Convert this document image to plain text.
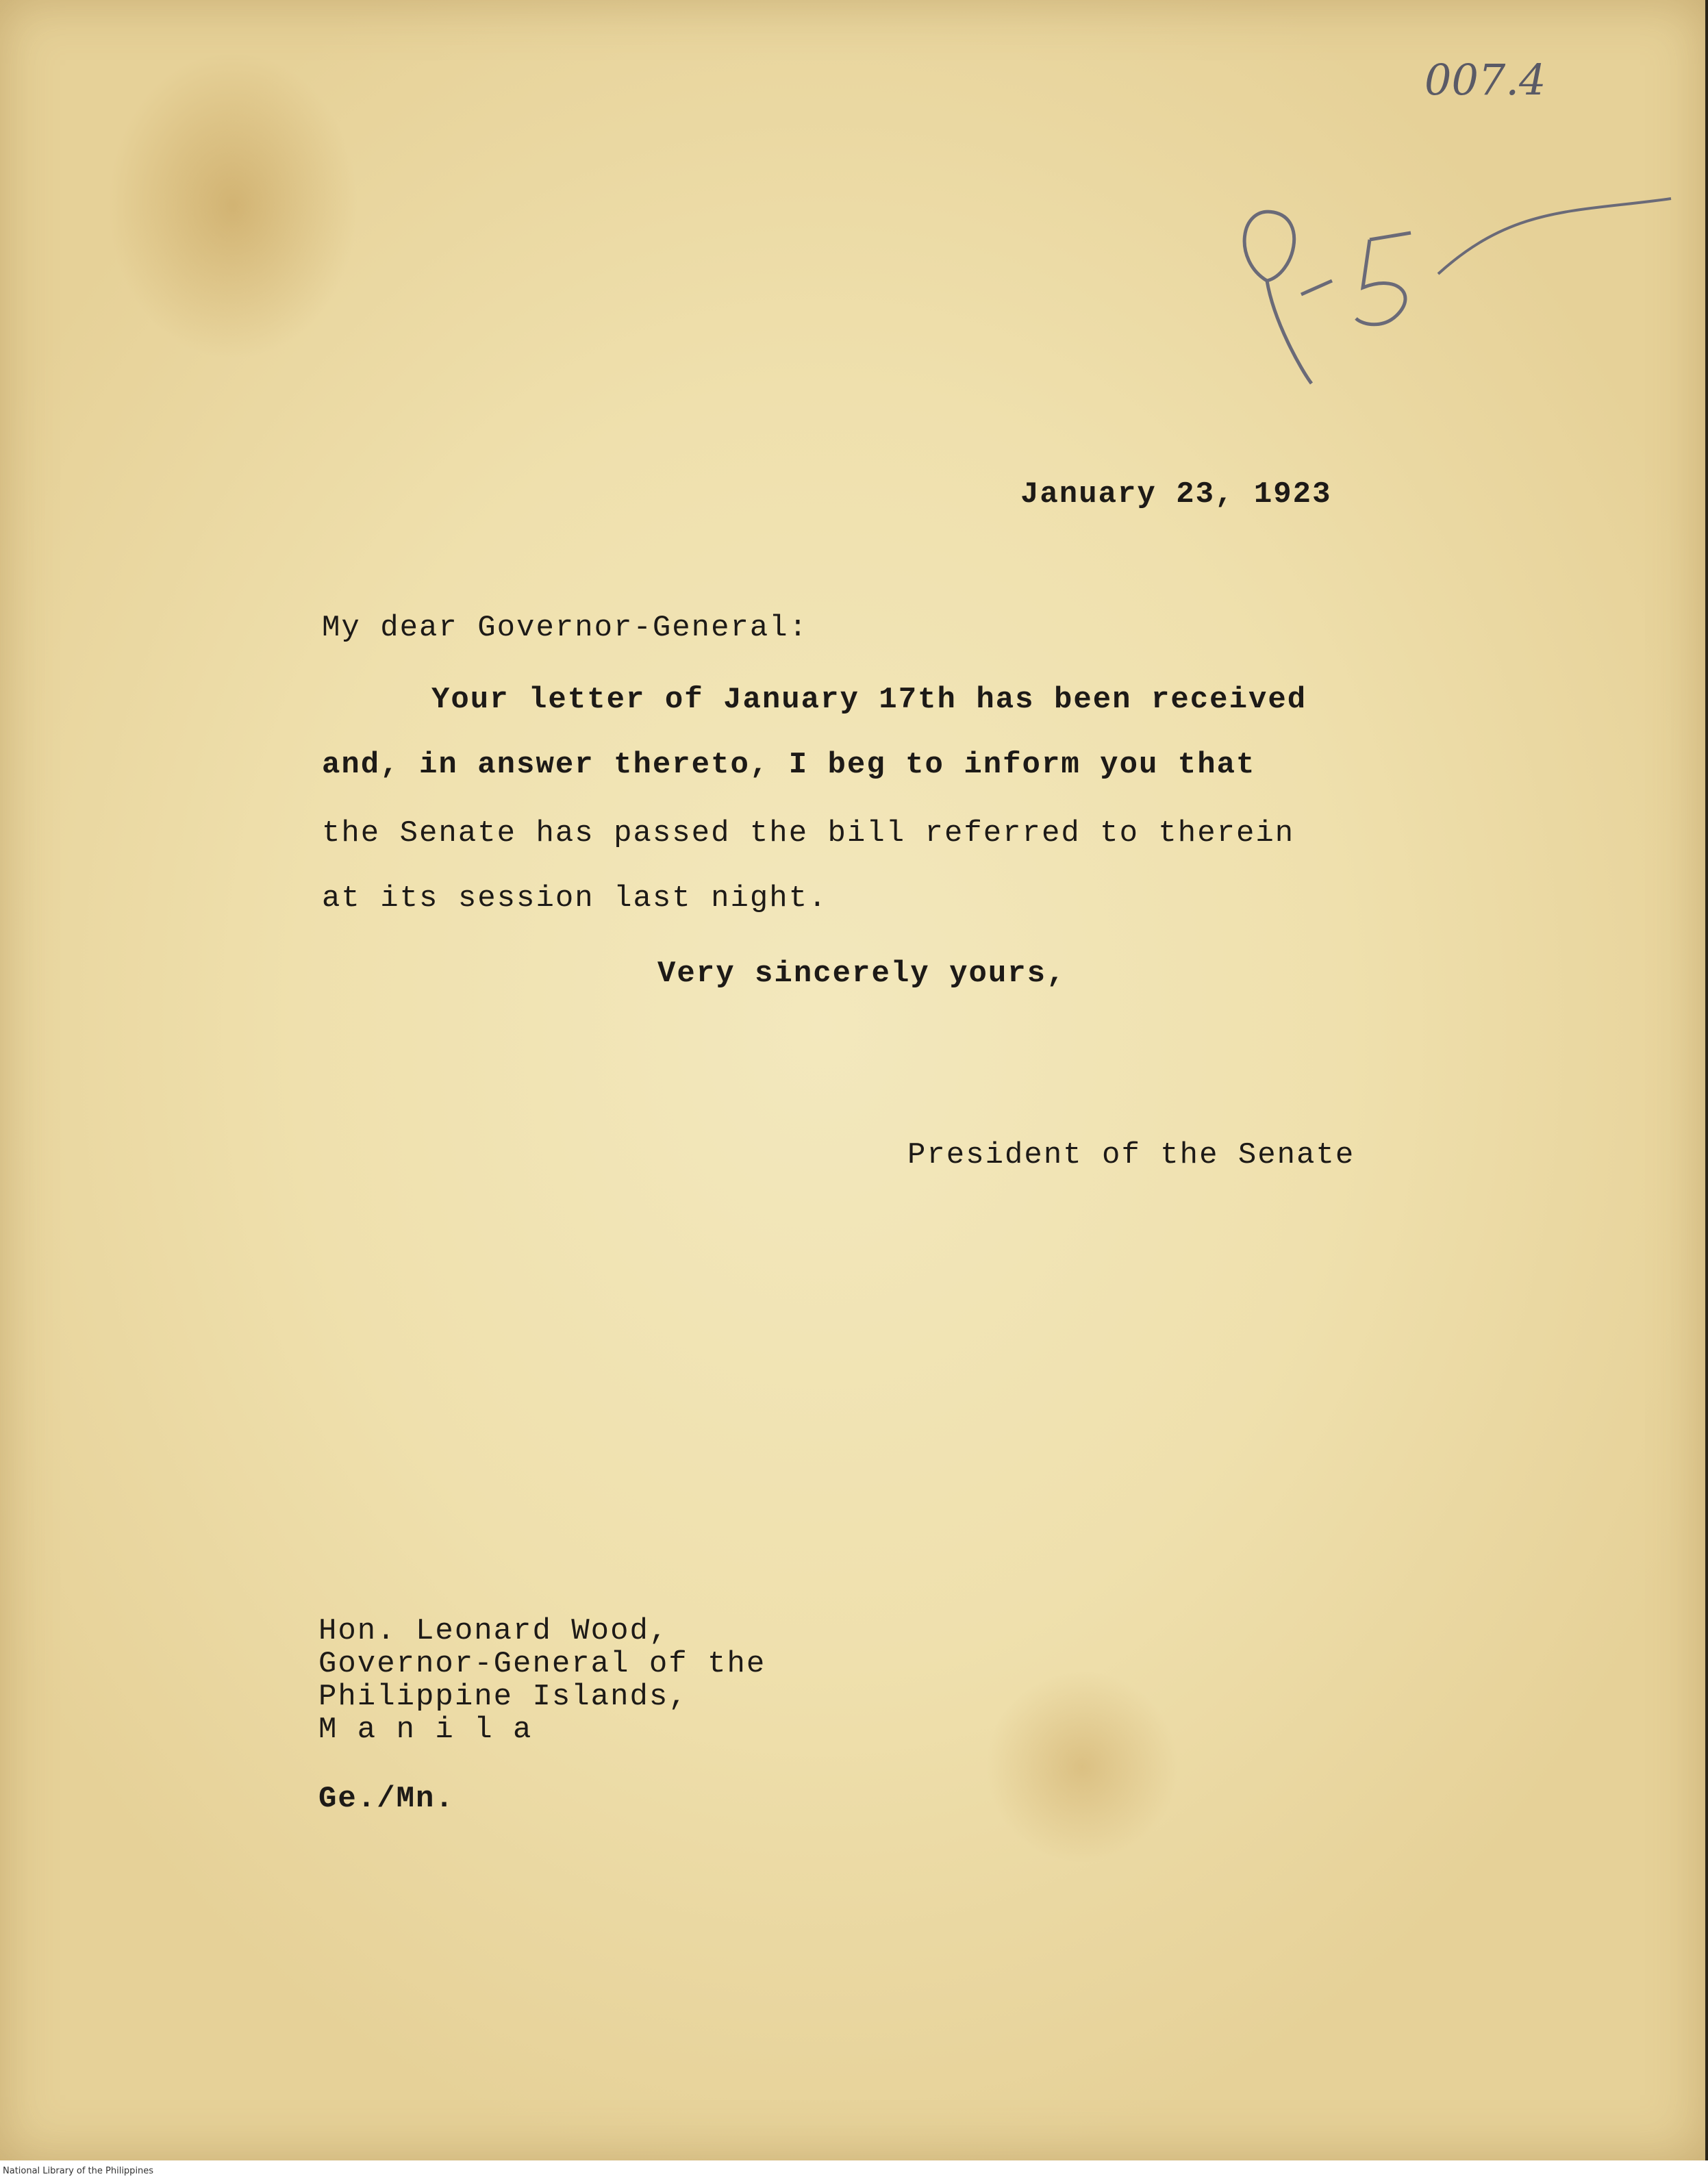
007.4
January 23, 1923
My dear Governor-General:
Your letter of January 17th has been received
and, in answer thereto, I beg to inform you that
the Senate has passed the bill referred to therein
at its session last night.
Very sincerely yours,
President of the Senate
Hon. Leonard Wood,
Governor-General of the
Philippine Islands,
M a n i l a
Ge./Mn.
National Library of the Philippines
